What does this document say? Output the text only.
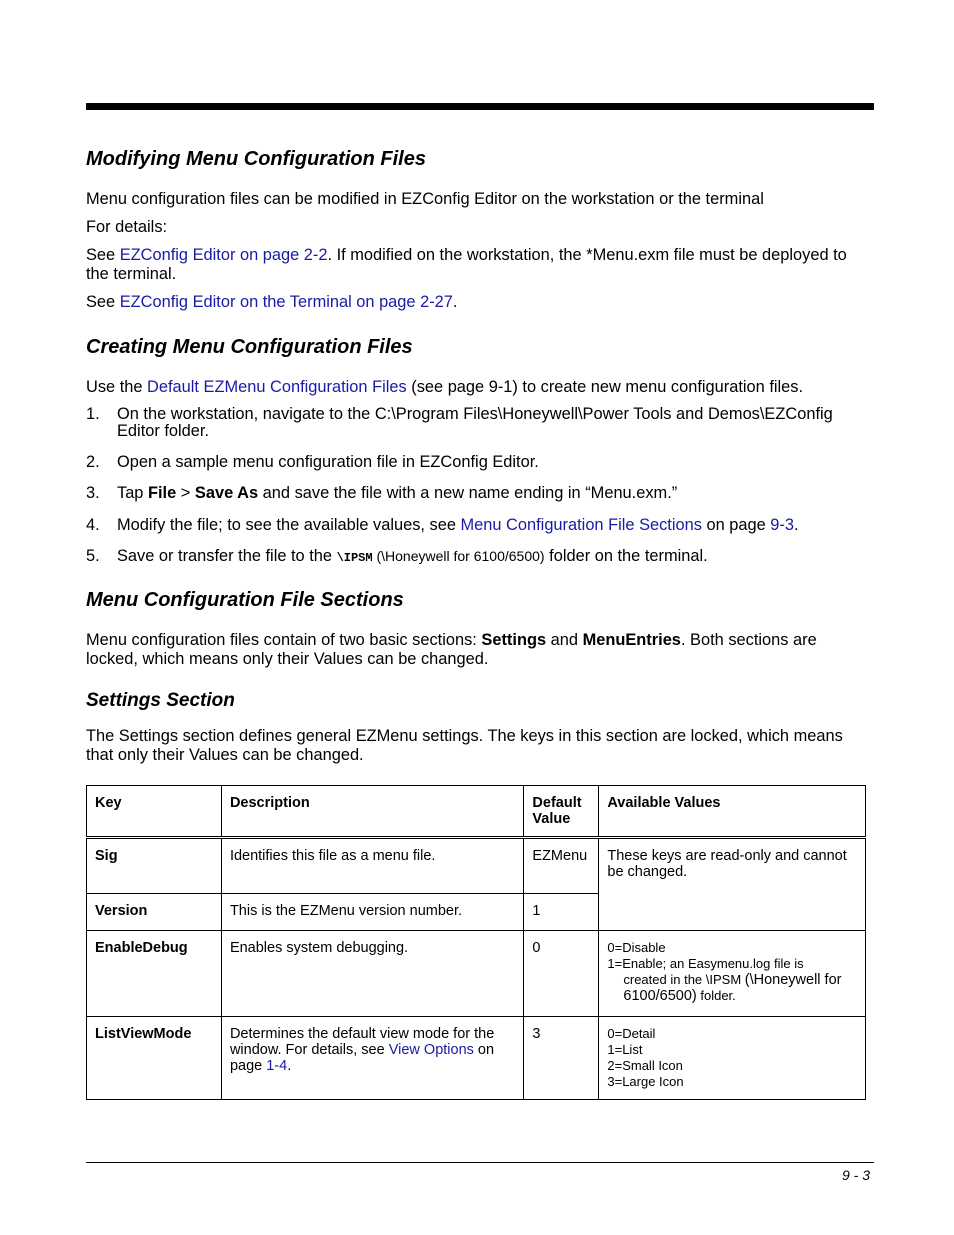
Modifying Menu Configuration Files

Menu configuration files can be modified in EZConfig Editor on the workstation or the terminal

For details:

See EZConfig Editor on page 2-2. If modified on the workstation, the *Menu.exm file must be deployed to the terminal.

See EZConfig Editor on the Terminal on page 2-27.

Creating Menu Configuration Files

Use the Default EZMenu Configuration Files (see page 9-1) to create new menu configuration files.

1. On the workstation, navigate to the C:\Program Files\Honeywell\Power Tools and Demos\EZConfig Editor folder.
2. Open a sample menu configuration file in EZConfig Editor.
3. Tap File > Save As and save the file with a new name ending in “Menu.exm.”
4. Modify the file; to see the available values, see Menu Configuration File Sections on page 9-3.
5. Save or transfer the file to the \IPSM (\Honeywell for 6100/6500) folder on the terminal.
Menu Configuration File Sections

Menu configuration files contain of two basic sections: Settings and MenuEntries. Both sections are locked, which means only their Values can be changed.

Settings Section

The Settings section defines general EZMenu settings. The keys in this section are locked, which means that only their Values can be changed.

Key	Description	Default Value	Available Values
Sig	Identifies this file as a menu file.	EZMenu	These keys are read-only and cannot be changed.
Version	This is the EZMenu version number.	1	
EnableDebug	Enables system debugging.	0	0=Disable
1=Enable; an Easymenu.log file is
created in the \IPSM (\Honeywell for 6100/6500) folder.

ListViewMode	Determines the default view mode for the window. For details, see View Options on page 1-4.	3	0=Detail
1=List
2=Small Icon
3=Large Icon
9 - 3
